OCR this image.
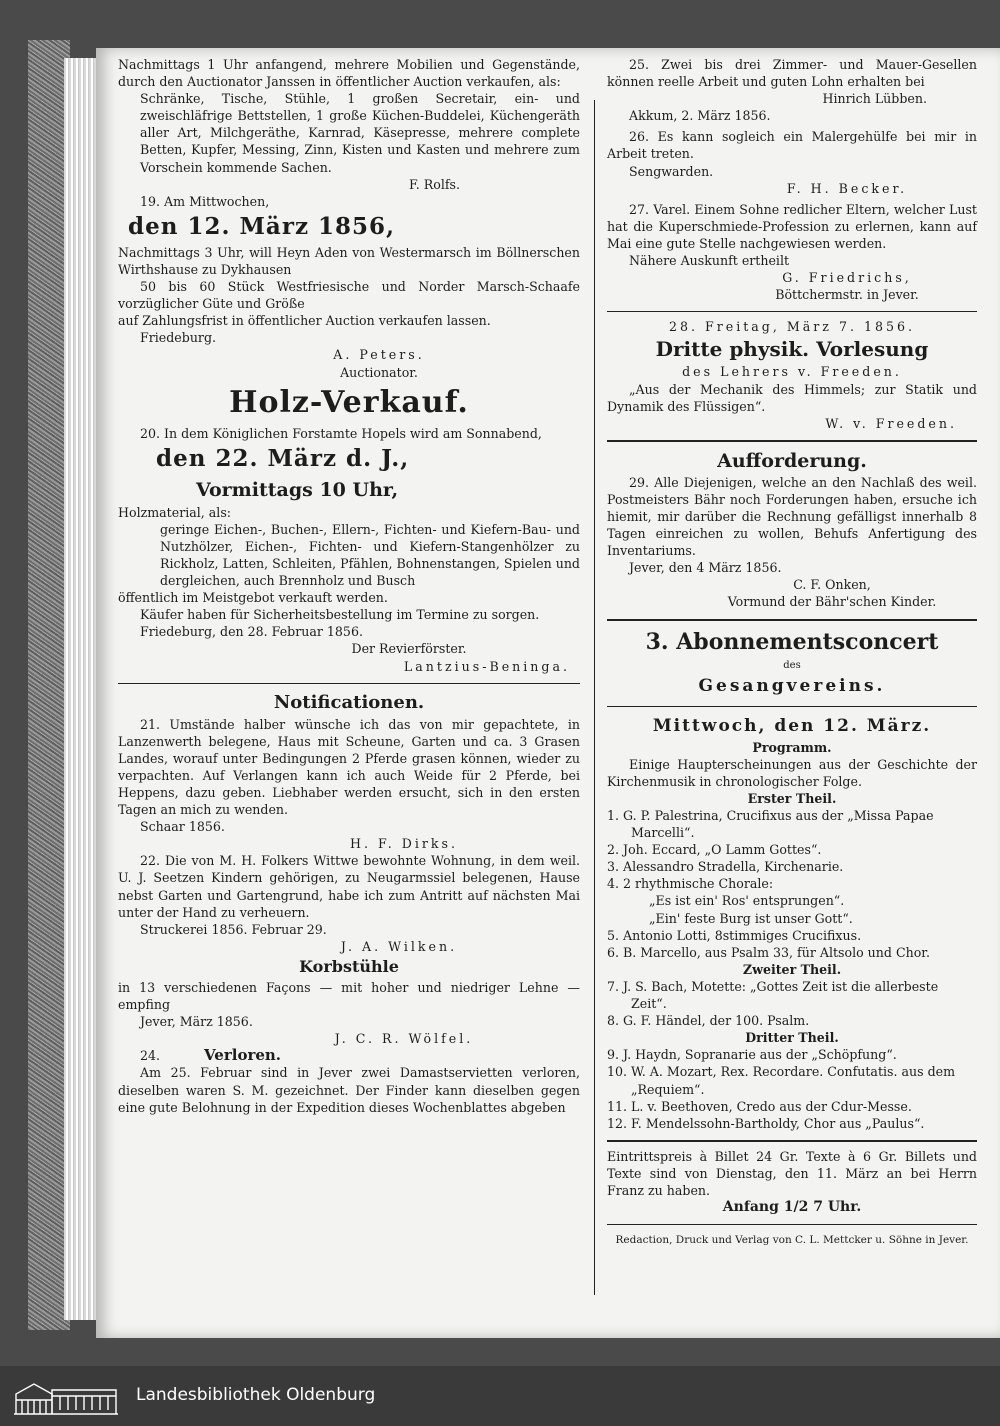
Nachmittags 1 Uhr anfangend, mehrere Mobilien und Gegenstände, durch den Auctionator Janssen in öffentlicher Auction verkaufen, als:

Schränke, Tische, Stühle, 1 großen Secretair, ein- und zweischläfrige Bettstellen, 1 große Küchen-Buddelei, Küchengeräth aller Art, Milchgeräthe, Karnrad, Käsepresse, mehrere complete Betten, Kupfer, Messing, Zinn, Kisten und Kasten und mehrere zum Vorschein kommende Sachen.

F. Rolfs.

19. Am Mittwochen,

den 12. März 1856,

Nachmittags 3 Uhr, will Heyn Aden von Westermarsch im Böllnerschen Wirthshause zu Dykhausen

50 bis 60 Stück Westfriesische und Norder Marsch-Schaafe vorzüglicher Güte und Größe

auf Zahlungsfrist in öffentlicher Auction verkaufen lassen.

Friedeburg.

A. Peters.

Auctionator.

Holz-Verkauf.

20. In dem Königlichen Forstamte Hopels wird am Sonnabend,

den 22. März d. J.,

Vormittags 10 Uhr,

Holzmaterial, als:

geringe Eichen-, Buchen-, Ellern-, Fichten- und Kiefern-Bau- und Nutzhölzer, Eichen-, Fichten- und Kiefern-Stangenhölzer zu Rickholz, Latten, Schleiten, Pfählen, Bohnenstangen, Spielen und dergleichen, auch Brennholz und Busch

öffentlich im Meistgebot verkauft werden.

Käufer haben für Sicherheitsbestellung im Termine zu sorgen.

Friedeburg, den 28. Februar 1856.

Der Revierförster.

Lantzius-Beninga.

Notificationen.

21. Umstände halber wünsche ich das von mir gepachtete, in Lanzenwerth belegene, Haus mit Scheune, Garten und ca. 3 Grasen Landes, worauf unter Bedingungen 2 Pferde grasen können, wieder zu verpachten. Auf Verlangen kann ich auch Weide für 2 Pferde, bei Heppens, dazu geben. Liebhaber werden ersucht, sich in den ersten Tagen an mich zu wenden.

Schaar 1856.

H. F. Dirks.

22. Die von M. H. Folkers Wittwe bewohnte Wohnung, in dem weil. U. J. Seetzen Kindern gehörigen, zu Neugarmssiel belegenen, Hause nebst Garten und Gartengrund, habe ich zum Antritt auf nächsten Mai unter der Hand zu verheuern.

Struckerei 1856. Februar 29.

J. A. Wilken.

Korbstühle

in 13 verschiedenen Façons — mit hoher und niedriger Lehne — empfing

Jever, März 1856.

J. C. R. Wölfel.

24.	Verloren.

Am 25. Februar sind in Jever zwei Damastservietten verloren, dieselben waren S. M. gezeichnet. Der Finder kann dieselben gegen eine gute Belohnung in der Expedition dieses Wochenblattes abgeben

25. Zwei bis drei Zimmer- und Mauer-Gesellen können reelle Arbeit und guten Lohn erhalten bei

Hinrich Lübben.

Akkum, 2. März 1856.

26. Es kann sogleich ein Malergehülfe bei mir in Arbeit treten.

Sengwarden.

F. H. Becker.

27. Varel. Einem Sohne redlicher Eltern, welcher Lust hat die Kuperschmiede-Profession zu erlernen, kann auf Mai eine gute Stelle nachgewiesen werden.

Nähere Auskunft ertheilt

G. Friedrichs,

Böttchermstr. in Jever.

28. Freitag, März 7. 1856.

Dritte physik. Vorlesung

des Lehrers v. Freeden.

„Aus der Mechanik des Himmels; zur Statik und Dynamik des Flüssigen“.

W. v. Freeden.

Aufforderung.

29. Alle Diejenigen, welche an den Nachlaß des weil. Postmeisters Bähr noch Forderungen haben, ersuche ich hiemit, mir darüber die Rechnung gefälligst innerhalb 8 Tagen einreichen zu wollen, Behufs Anfertigung des Inventariums.

Jever, den 4 März 1856.

C. F. Onken,

Vormund der Bähr'schen Kinder.

3. Abonnementsconcert

des

Gesangvereins.

Mittwoch, den 12. März.

Programm.

Einige Haupterscheinungen aus der Geschichte der Kirchenmusik in chronologischer Folge.

Erster Theil.

1. G. P. Palestrina, Crucifixus aus der „Missa Papae Marcelli“.

2. Joh. Eccard, „O Lamm Gottes“.

3. Alessandro Stradella, Kirchenarie.

4. 2 rhythmische Chorale:

„Es ist ein' Ros' entsprungen“.

„Ein' feste Burg ist unser Gott“.

5. Antonio Lotti, 8stimmiges Crucifixus.

6. B. Marcello, aus Psalm 33, für Altsolo und Chor.

Zweiter Theil.

7. J. S. Bach, Motette: „Gottes Zeit ist die allerbeste Zeit“.

8. G. F. Händel, der 100. Psalm.

Dritter Theil.

9. J. Haydn, Sopranarie aus der „Schöpfung“.

10. W. A. Mozart, Rex. Recordare. Confutatis. aus dem „Requiem“.

11. L. v. Beethoven, Credo aus der Cdur-Messe.

12. F. Mendelssohn-Bartholdy, Chor aus „Paulus“.

Eintrittspreis à Billet 24 Gr. Texte à 6 Gr. Billets und Texte sind von Dienstag, den 11. März an bei Herrn Franz zu haben.

Anfang 1/2 7 Uhr.

Redaction, Druck und Verlag von C. L. Mettcker u. Söhne in Jever.

Landesbibliothek Oldenburg
